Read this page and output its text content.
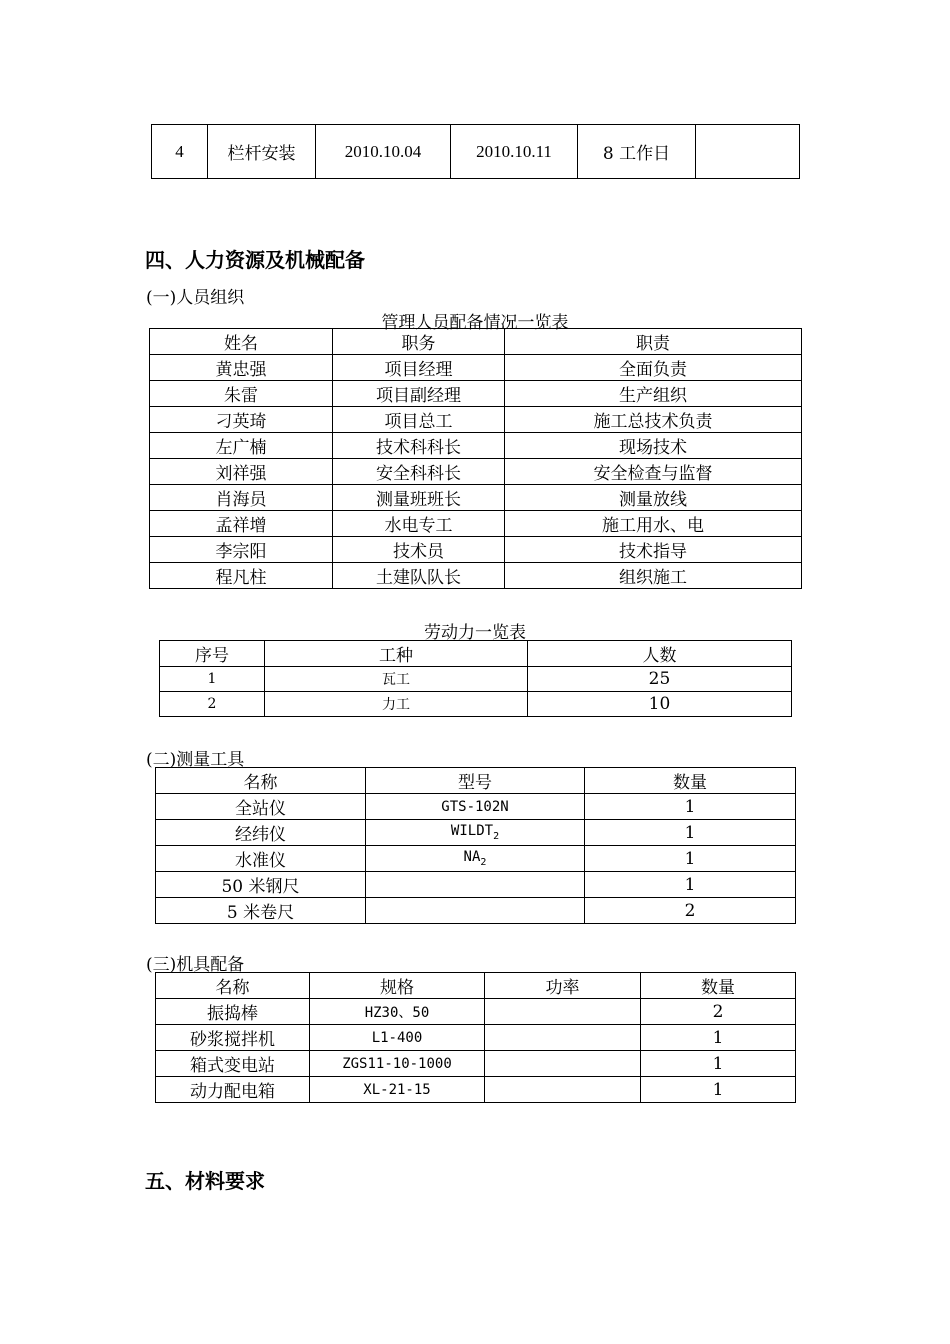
4	栏杆安装	2010.10.04	2010.10.11	8 工作日	
四、人力资源及机械配备
(一)人员组织
管理人员配备情况一览表
姓名	职务	职责
黄忠强	项目经理	全面负责
朱雷	项目副经理	生产组织
刁英琦	项目总工	施工总技术负责
左广楠	技术科科长	现场技术
刘祥强	安全科科长	安全检查与监督
肖海员	测量班班长	测量放线
孟祥增	水电专工	施工用水、电
李宗阳	技术员	技术指导
程凡柱	土建队队长	组织施工
劳动力一览表
序号	工种	人数
1	瓦工	25
2	力工	10
(二)测量工具
名称	型号	数量
全站仪	GTS-102N	1
经纬仪	$WILDT_2$	1
水准仪	$NA_2$	1
50 米钢尺		1
5 米卷尺		2
(三)机具配备
名称	规格	功率	数量
振捣棒	HZ30、50		2
砂浆搅拌机	L1-400		1
箱式变电站	ZGS11-10-1000		1
动力配电箱	XL-21-15		1
五、材料要求
